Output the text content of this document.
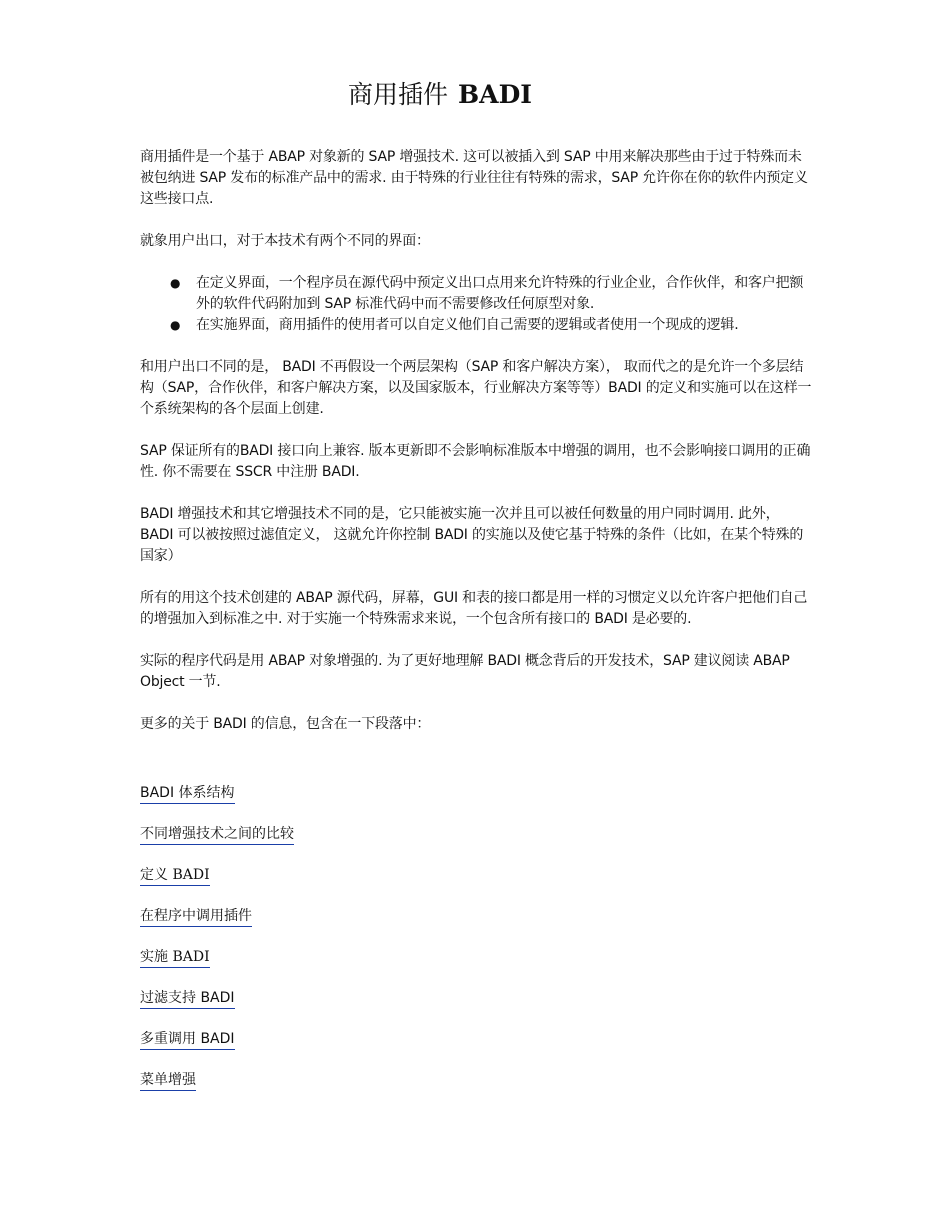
商用插件 BADI

商用插件是一个基于 ABAP 对象新的 SAP 增强技术. 这可以被插入到 SAP 中用来解决那些由于过于特殊而未被包纳进 SAP 发布的标准产品中的需求. 由于特殊的行业往往有特殊的需求，SAP 允许你在你的软件内预定义这些接口点.

就象用户出口，对于本技术有两个不同的界面：

● 在定义界面，一个程序员在源代码中预定义出口点用来允许特殊的行业企业，合作伙伴，和客户把额外的软件代码附加到 SAP 标准代码中而不需要修改任何原型对象.
● 在实施界面，商用插件的使用者可以自定义他们自己需要的逻辑或者使用一个现成的逻辑.

和用户出口不同的是， BADI 不再假设一个两层架构（SAP 和客户解决方案）， 取而代之的是允许一个多层结构（SAP，合作伙伴，和客户解决方案，以及国家版本，行业解决方案等等）BADI 的定义和实施可以在这样一个系统架构的各个层面上创建.

SAP 保证所有的BADI 接口向上兼容. 版本更新即不会影响标准版本中增强的调用，也不会影响接口调用的正确性. 你不需要在 SSCR 中注册 BADI.

BADI 增强技术和其它增强技术不同的是，它只能被实施一次并且可以被任何数量的用户同时调用. 此外，BADI 可以被按照过滤值定义， 这就允许你控制 BADI 的实施以及使它基于特殊的条件（比如，在某个特殊的国家）

所有的用这个技术创建的 ABAP 源代码，屏幕，GUI 和表的接口都是用一样的习惯定义以允许客户把他们自己的增强加入到标准之中. 对于实施一个特殊需求来说，一个包含所有接口的 BADI 是必要的.

实际的程序代码是用 ABAP 对象增强的. 为了更好地理解 BADI 概念背后的开发技术，SAP 建议阅读 ABAP Object 一节.

更多的关于 BADI 的信息，包含在一下段落中：

BADI 体系结构
不同增强技术之间的比较
定义 BADI
在程序中调用插件
实施 BADI
过滤支持 BADI
多重调用 BADI
菜单增强
